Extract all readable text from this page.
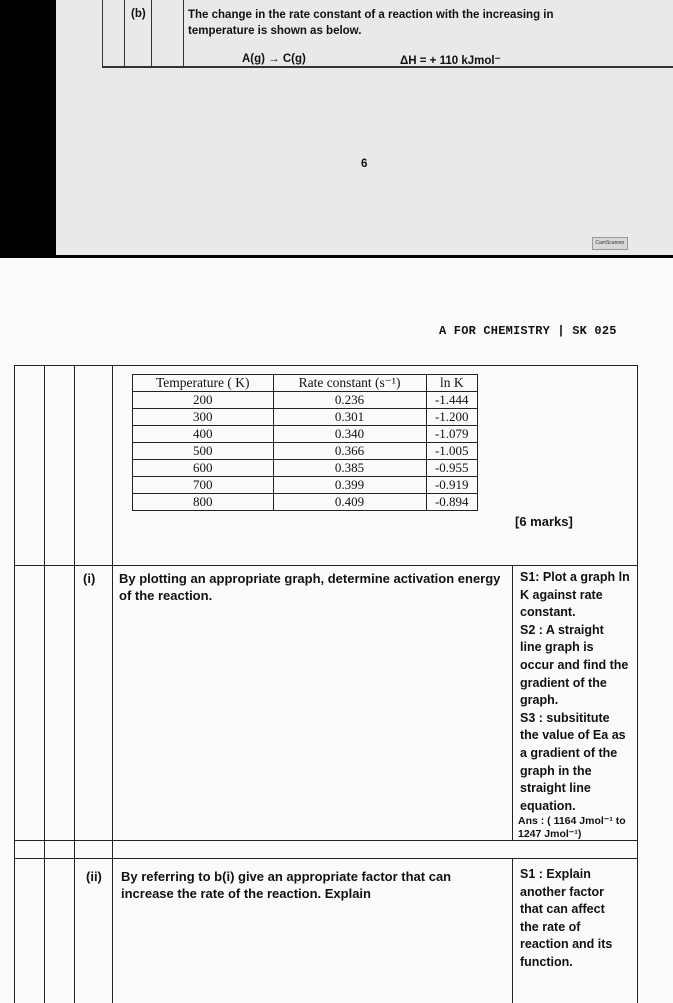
(b)	The change in the rate constant of a reaction with the increasing in temperature is shown as below.
A(g) → C(g)	ΔH = + 110 kJmol⁻
6
CamScanner
A FOR CHEMISTRY | SK 025
Temperature ( K)	Rate constant (s⁻¹)	ln K
200	0.236	-1.444
300	0.301	-1.200
400	0.340	-1.079
500	0.366	-1.005
600	0.385	-0.955
700	0.399	-0.919
800	0.409	-0.894
[6 marks]
(i) By plotting an appropriate graph, determine activation energy
of the reaction.
S1: Plot a graph ln
K against rate
constant.
S2 : A straight
line graph is
occur and find the
gradient of the
graph.
S3 : subsititute
the value of Ea as
a gradient of the
graph in the
straight line
equation.
Ans : ( 1164 Jmol⁻¹ to
1247 Jmol⁻¹)
(ii) By referring to b(i) give an appropriate factor that can
increase the rate of the reaction. Explain
S1 : Explain
another factor
that can affect
the rate of
reaction and its
function.
